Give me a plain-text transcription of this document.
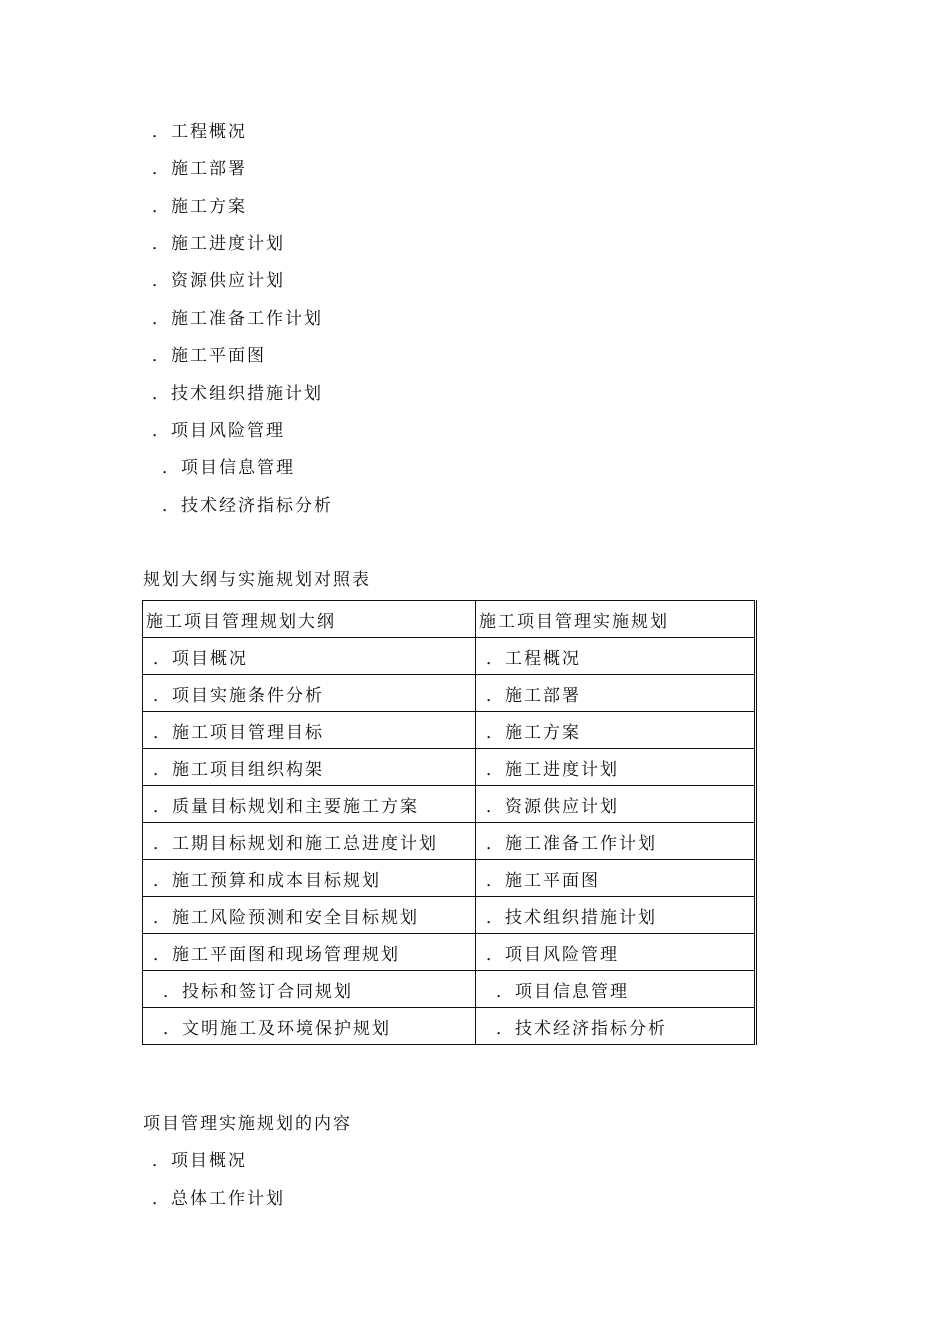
．工程概况
．施工部署
．施工方案
．施工进度计划
．资源供应计划
．施工准备工作计划
．施工平面图
．技术组织措施计划
．项目风险管理
．项目信息管理
．技术经济指标分析
规划大纲与实施规划对照表
施工项目管理规划大纲	施工项目管理实施规划
．项目概况	．工程概况
．项目实施条件分析	．施工部署
．施工项目管理目标	．施工方案
．施工项目组织构架	．施工进度计划
．质量目标规划和主要施工方案	．资源供应计划
．工期目标规划和施工总进度计划	．施工准备工作计划
．施工预算和成本目标规划	．施工平面图
．施工风险预测和安全目标规划	．技术组织措施计划
．施工平面图和现场管理规划	．项目风险管理
．投标和签订合同规划	．项目信息管理
．文明施工及环境保护规划	．技术经济指标分析
项目管理实施规划的内容
．项目概况
．总体工作计划
